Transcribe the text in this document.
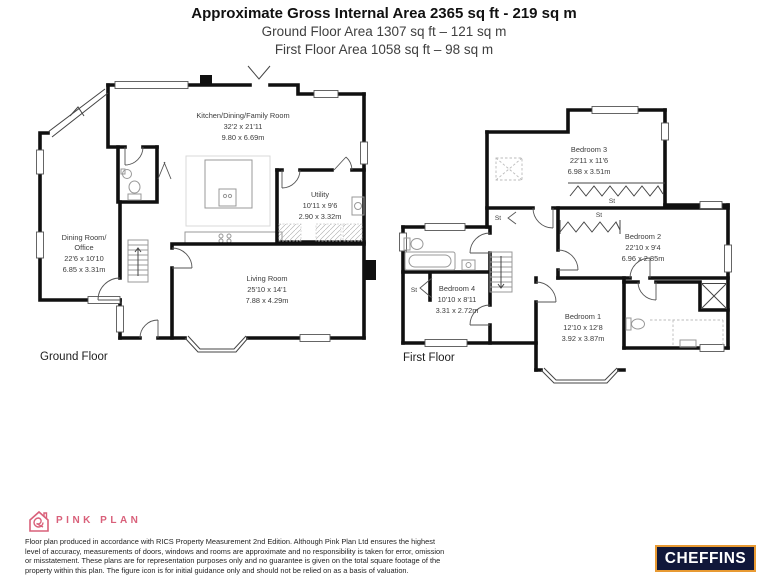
Approximate Gross Internal Area 2365 sq ft - 219 sq m
Ground Floor Area 1307 sq ft – 121 sq m
First Floor Area 1058 sq ft – 98 sq m
Kitchen/Dining/Family Room
32'2 x 21'11
9.80 x 6.69m
Utility
10'11 x 9'6
2.90 x 3.32m
Dining Room/
Office
22'6 x 10'10
6.85 x 3.31m
Living Room
25'10 x 14'1
7.88 x 4.29m
Ground Floor
Bedroom 3
22'11 x 11'6
6.98 x 3.51m
Bedroom 2
22'10 x 9'4
6.96 x 2.85m
Bedroom 4
10'10 x 8'11
3.31 x 2.72m
Bedroom 1
12'10 x 12'8
3.92 x 3.87m
St
St
St
St
First Floor
PINK PLAN
Floor plan produced in accordance with RICS Property Measurement 2nd Edition. Although Pink Plan Ltd ensures the highest
level of accuracy, measurements of doors, windows and rooms are approximate and no responsibility is taken for error, omission
or misstatement. These plans are for representation purposes only and no guarantee is given on the total square footage of the
property within this plan. The figure icon is for initial guidance only and should not be relied on as a basis of valuation.
CHEFFINS
